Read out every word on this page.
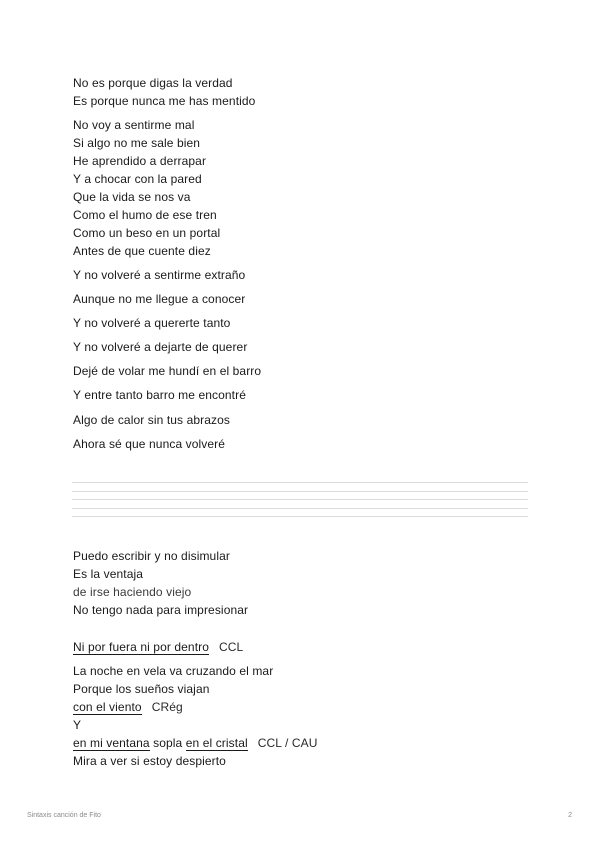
No es porque digas la verdad
Es porque nunca me has mentido
No voy a sentirme mal
Si algo no me sale bien
He aprendido a derrapar
Y a chocar con la pared
Que la vida se nos va
Como el humo de ese tren
Como un beso en un portal
Antes de que cuente diez
Y no volveré a sentirme extraño
Aunque no me llegue a conocer
Y no volveré a quererte tanto
Y no volveré a dejarte de querer
Dejé de volar me hundí en el barro
Y entre tanto barro me encontré
Algo de calor sin tus abrazos
Ahora sé que nunca volveré
Puedo escribir y no disimular
Es la ventaja
de irse haciendo viejo
No tengo nada para impresionar
Ni por fuera ni por dentro CCL
La noche en vela va cruzando el mar
Porque los sueños viajan
con el viento CRég
Y
en mi ventana sopla en el cristal CCL / CAU
Mira a ver si estoy despierto
Sintaxis canción de Fito	2
